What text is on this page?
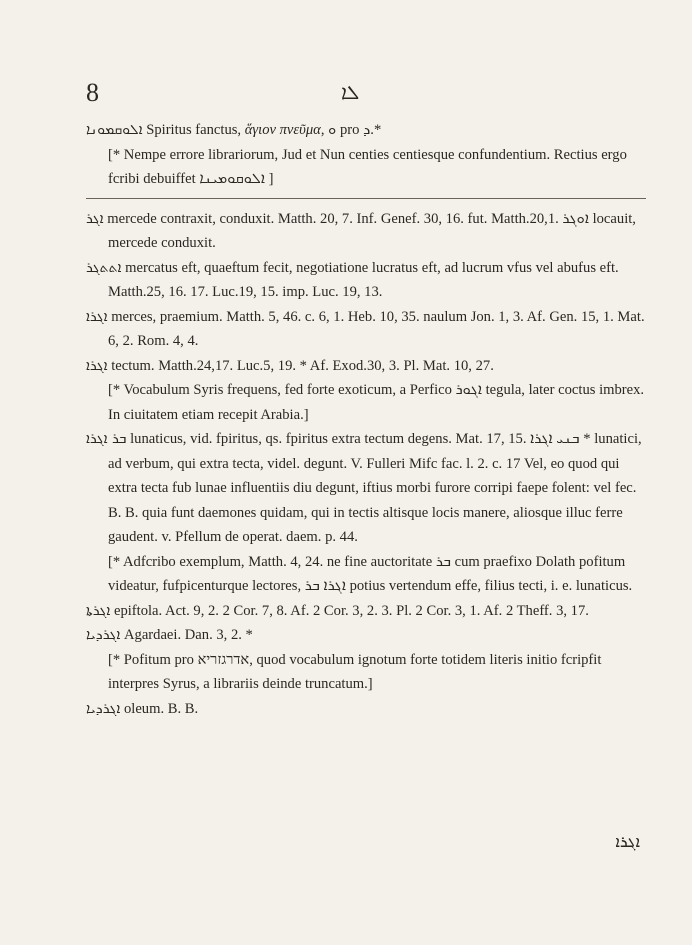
8	ܠܐ

ܐܠܘܩܡܘܢܐ Spiritus fanctus, ἅγιον πνεῦμα, ܘ pro ܕ.*

[* Nempe errore librariorum, Jud et Nun centies centiesque confundentium. Rectius ergo fcribi debuiffet ܐܠܘܩܘܡܝܢܐ ]

ܐܓܪ mercede contraxit, conduxit. Matth. 20, 7. Inf. Genef. 30, 16. fut. Matth.20,1. ܐܘܓܪ locauit, mercede conduxit.

ܐܬܬܓܪ mercatus eft, quaeftum fecit, negotiatione lucratus eft, ad lucrum vfus vel abufus eft. Matth.25, 16. 17. Luc.19, 15. imp. Luc. 19, 13.

ܐܓܪܐ merces, praemium. Matth. 5, 46. c. 6, 1. Heb. 10, 35. naulum Jon. 1, 3. Af. Gen. 15, 1. Mat. 6, 2. Rom. 4, 4.

ܐܓܪܐ tectum. Matth.24,17. Luc.5, 19. * Af. Exod.30, 3. Pl. Mat. 10, 27.

[* Vocabulum Syris frequens, fed forte exoticum, a Perfico ܐܓܘܪ tegula, later coctus imbrex. In ciuitatem etiam recepit Arabia.]

ܒܪ ܐܓܪܐ lunaticus, vid. fpiritus, qs. fpiritus extra tectum degens. Mat. 17, 15. ܒܢܝ ܐܓܪܐ * lunatici, ad verbum, qui extra tecta, videl. degunt. V. Fulleri Mifc fac. l. 2. c. 17 Vel, eo quod qui extra tecta fub lunae influentiis diu degunt, iftius morbi furore corripi faepe folent: vel fec. B. B. quia funt daemones quidam, qui in tectis altisque locis manere, aliosque illuc ferre gaudent. v. Pfellum de operat. daem. p. 44.

[* Adfcribo exemplum, Matth. 4, 24. ne fine auctoritate ܒܪ cum praefixo Dolath pofitum videatur, fufpicenturque lectores, ܐܓܪܐ ܒܪ potius vertendum effe, filius tecti, i. e. lunaticus.

ܐܓܪܬܐ epiftola. Act. 9, 2. 2 Cor. 7, 8. Af. 2 Cor. 3, 2. 3. Pl. 2 Cor. 3, 1. Af. 2 Theff. 3, 17.

ܐܓܪܕܝܐ Agardaei. Dan. 3, 2. *

[* Pofitum pro אדרגזריא, quod vocabulum ignotum forte totidem literis initio fcripfit interpres Syrus, a librariis deinde truncatum.]

ܐܓܪܕܝܐ oleum. B. B.

ܐܓܪܐ
